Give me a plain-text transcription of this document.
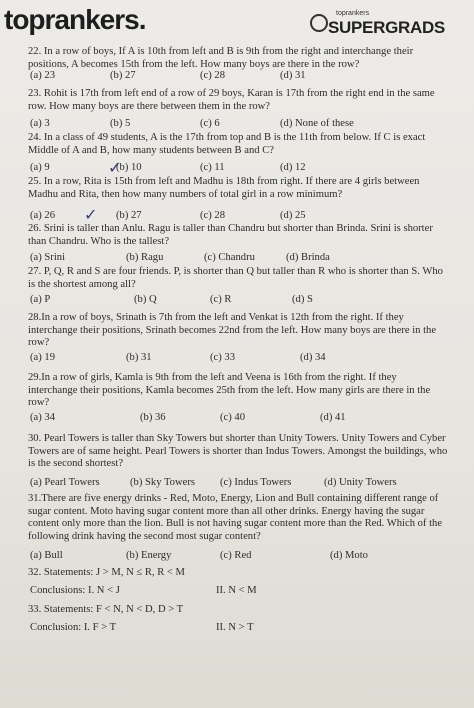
toprankers.	toprankers
SUPERGRADS
22. In a row of boys, If A is 10th from left and B is 9th from the right and interchange their positions, A becomes 15th from the left. How many boys are there in the row?
(a) 23	(b) 27	(c) 28	(d) 31
23. Rohit is 17th from left end of a row of 29 boys, Karan is 17th from the right end in the same row. How many boys are there between them in the row?
(a) 3	(b) 5	(c) 6	(d) None of these
24. In a class of 49 students, A is the 17th from top and B is the 11th from below. If C is exact Middle of A and B, how many students between B and C?
(a) 9	(b) 10	(c) 11	(d) 12
✓
25. In a row, Rita is 15th from left and Madhu is 18th from right. If there are 4 girls between Madhu and Rita, then how many numbers of total girl in a row minimum?
(a) 26	(b) 27	(c) 28	(d) 25
✓
26. Srini is taller than Anlu. Ragu is taller than Chandru but shorter than Brinda. Srini is shorter than Chandru. Who is the tallest?
(a) Srini	(b) Ragu	(c) Chandru	(d) Brinda
27. P, Q, R and S are four friends. P, is shorter than Q but taller than R who is shorter than S. Who is the shortest among all?
(a) P	(b) Q	(c) R	(d) S
28.In a row of boys, Srinath is 7th from the left and Venkat is 12th from the right. If they interchange their positions, Srinath becomes 22nd from the left. How many boys are there in the row?
(a) 19	(b) 31	(c) 33	(d) 34
29.In a row of girls, Kamla is 9th from the left and Veena is 16th from the right. If they interchange their positions, Kamla becomes 25th from the left. How many girls are there in the row?
(a) 34	(b) 36	(c) 40	(d) 41
30. Pearl Towers is taller than Sky Towers but shorter than Unity Towers. Unity Towers and Cyber Towers are of same height. Pearl Towers is shorter than Indus Towers. Amongst the buildings, who is the second shortest?
(a) Pearl Towers	(b) Sky Towers (c) Indus Towers	(d) Unity Towers
31.There are five energy drinks - Red, Moto, Energy, Lion and Bull containing different range of sugar content. Moto having sugar content more than all other drinks. Energy having the sugar content only more than the lion. Bull is not having sugar content more than the Red. Which of the following drink having the second most sugar content?
(a) Bull	(b) Energy	(c) Red	(d) Moto
32. Statements: J > M, N ≤ R, R < M
Conclusions: I. N < J	II. N < M
33. Statements: F < N, N < D, D > T
Conclusion: I. F > T	II. N > T
